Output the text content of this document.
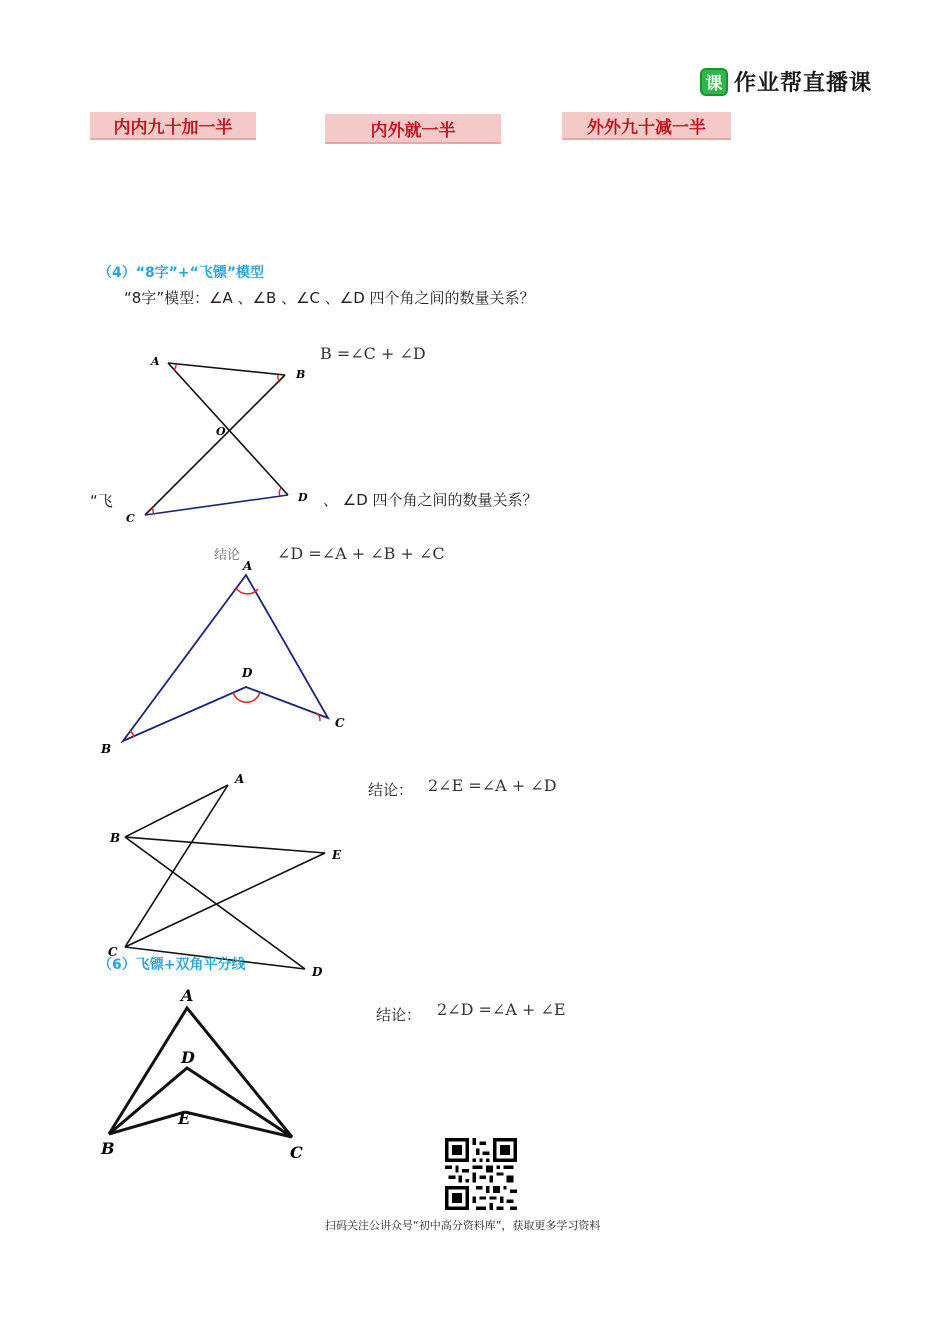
课 作业帮直播课
内内九十加一半	内外就一半	外外九十减一半
（4）“8字”+“飞镖”模型
“8字”模型：∠A 、∠B 、∠C 、∠D 四个角之间的数量关系？
B =∠C + ∠D
A
B
O
C
D
“飞	、 ∠D 四个角之间的数量关系？
结论 ∠D =∠A + ∠B + ∠C
A
D
B
C
结论： 2∠E =∠A + ∠D
A
B
E
C
D
（6）飞镖+双角平分线
结论： 2∠D =∠A + ∠E
A
D
E
B	C
扫码关注公讲众号“初中高分资料库”，获取更多学习资料
